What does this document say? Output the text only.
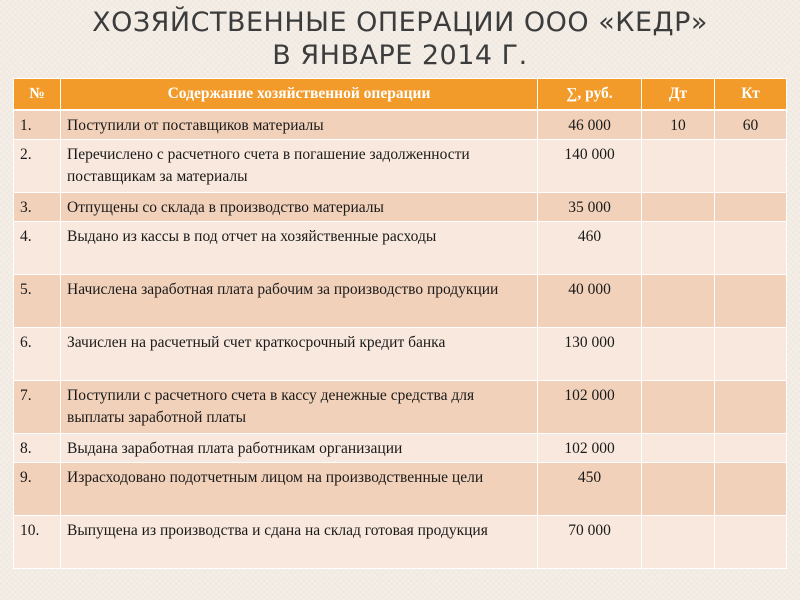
ХОЗЯЙСТВЕННЫЕ ОПЕРАЦИИ ООО «КЕДР»
В ЯНВАРЕ 2014 Г.
№	Содержание хозяйственной операции	∑, руб.	Дт	Кт
1.	Поступили от поставщиков материалы	46 000	10	60
2.	Перечислено с расчетного счета в погашение задолженности поставщикам за материалы	140 000		
3.	Отпущены со склада в производство материалы	35 000		
4.	Выдано из кассы в под отчет на хозяйственные расходы	460		
5.	Начислена заработная плата рабочим за производство продукции	40 000		
6.	Зачислен на расчетный счет краткосрочный кредит банка	130 000		
7.	Поступили с расчетного счета в кассу денежные средства для выплаты заработной платы	102 000		
8.	Выдана заработная плата работникам организации	102 000		
9.	Израсходовано подотчетным лицом на производственные цели	450		
10.	Выпущена из производства и сдана на склад готовая продукция	70 000		
